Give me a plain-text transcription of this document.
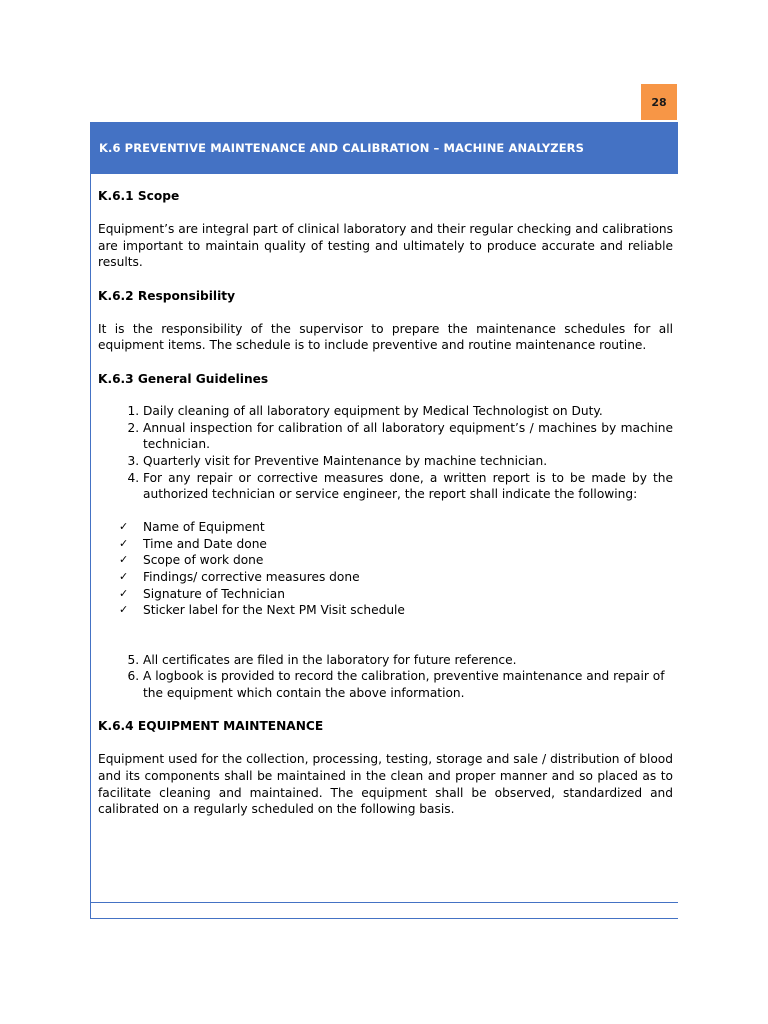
28
K.6 PREVENTIVE MAINTENANCE AND CALIBRATION – MACHINE ANALYZERS
K.6.1 Scope

Equipment’s are integral part of clinical laboratory and their regular checking and calibrations are important to maintain quality of testing and ultimately to produce accurate and reliable results.

K.6.2 Responsibility

It is the responsibility of the supervisor to prepare the maintenance schedules for all equipment items. The schedule is to include preventive and routine maintenance routine.

K.6.3 General Guidelines
1. Daily cleaning of all laboratory equipment by Medical Technologist on Duty.
2. Annual inspection for calibration of all laboratory equipment’s / machines by machine technician.
3. Quarterly visit for Preventive Maintenance by machine technician.
4. For any repair or corrective measures done, a written report is to be made by the authorized technician or service engineer, the report shall indicate the following:
✓ Name of Equipment
✓ Time and Date done
✓ Scope of work done
✓ Findings/ corrective measures done
✓ Signature of Technician
✓ Sticker label for the Next PM Visit schedule
5. All certificates are filed in the laboratory for future reference.
6. A logbook is provided to record the calibration, preventive maintenance and repair of the equipment which contain the above information.
K.6.4 EQUIPMENT MAINTENANCE

Equipment used for the collection, processing, testing, storage and sale / distribution of blood and its components shall be maintained in the clean and proper manner and so placed as to facilitate cleaning and maintained. The equipment shall be observed, standardized and calibrated on a regularly scheduled on the following basis.
